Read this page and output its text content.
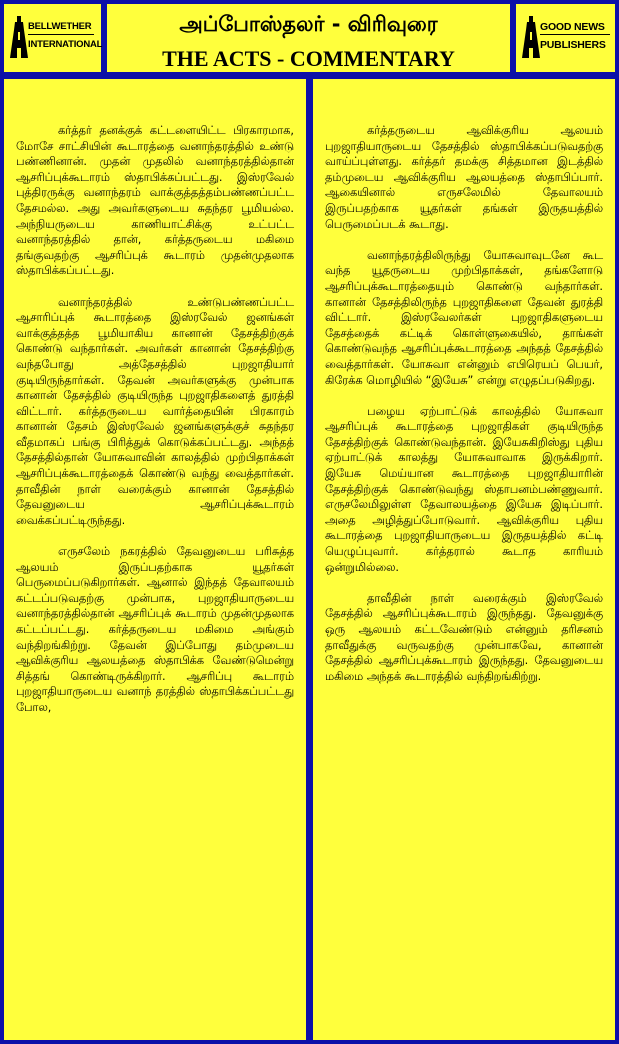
BELLWETHER
INTERNATIONAL
அப்போஸ்தலர் - விரிவுரை
THE ACTS - COMMENTARY
GOOD NEWS
PUBLISHERS

கர்த்தர் தனக்குக் கட்டளையிட்ட பிரகாரமாக, மோசே சாட்சியின் கூடாரத்தை வனாந்தரத்தில் உண்டு பண்ணினான். முதன் முதலில் வனாந்தரத்தில்தான் ஆசரிப்புக்கூடாரம் ஸ்தாபிக்கப்பட்டது. இஸ்ரவேல் புத்திரருக்கு வனாந்தரம் வாக்குத்தத்தம்பண்ணப்பட்ட தேசமல்ல. அது அவர்களுடைய சுதந்தர பூமியல்ல. அந்நியருடைய காணியாட்சிக்கு உட்பட்ட வனாந்தரத்தில் தான், கர்த்தருடைய மகிமை தங்குவதற்கு ஆசரிப்புக் கூடாரம் முதன்முதலாக ஸ்தாபிக்கப்பட்டது.

வனாந்தரத்தில் உண்டுபண்ணப்பட்ட ஆசாரிப்புக் கூடாரத்தை இஸ்ரவேல் ஜனங்கள் வாக்குத்தத்த பூமியாகிய கானான் தேசத்திற்குக் கொண்டு வந்தார்கள். அவர்கள் கானான் தேசத்திற்கு வந்தபோது அத்தேசத்தில் புறஜாதியார் குடியிருந்தார்கள். தேவன் அவர்களுக்கு முன்பாக கானான் தேசத்தில் குடியிருந்த புறஜாதிகளைத் துரத்தி விட்டார். கர்த்தருடைய வார்த்தையின் பிரகாரம் கானான் தேசம் இஸ்ரவேல் ஜனங்களுக்குச் சுதந்தர வீதமாகப் பங்கு பிரித்துக் கொடுக்கப்பட்டது. அந்தத் தேசத்தில்தான் யோசுவாவின் காலத்தில் முற்பிதாக்கள் ஆசரிப்புக்கூடாரத்தைக் கொண்டு வந்து வைத்தார்கள். தாவீதின் நாள் வரைக்கும் கானான் தேசத்தில் தேவனுடைய ஆசரிப்புக்கூடாரம் வைக்கப்பட்டிருந்தது.

எருசலேம் நகரத்தில் தேவனுடைய பரிசுத்த ஆலயம் இருப்பதற்காக யூதர்கள் பெருமைப்படுகிறார்கள். ஆனால் இந்தத் தேவாலயம் கட்டப்படுவதற்கு முன்பாக, புறஜாதியாருடைய வனாந்தரத்தில்தான் ஆசரிப்புக் கூடாரம் முதன்முதலாக கட்டப்பட்டது. கர்த்தருடைய மகிமை அங்கும் வந்திறங்கிற்று. தேவன் இப்போது தம்முடைய ஆவிக்குரிய ஆலயத்தை ஸ்தாபிக்க வேண்டுமென்று சித்தங் கொண்டிருக்கிறார். ஆசரிப்பு கூடாரம் புறஜாதியாருடைய வனாந் தரத்தில் ஸ்தாபிக்கப்பட்டது போல,

கர்த்தருடைய ஆவிக்குரிய ஆலயம் புறஜாதியாருடைய தேசத்தில் ஸ்தாபிக்கப்படுவதற்கு வாய்ப்புள்ளது. கர்த்தர் தமக்கு சித்தமான இடத்தில் தம்முடைய ஆவிக்குரிய ஆலயத்தை ஸ்தாபிப்பார். ஆகையினால் எருசலேமில் தேவாலயம் இருப்பதற்காக யூதர்கள் தங்கள் இருதயத்தில் பெருமைப்படக் கூடாது.

வனாந்தரத்திலிருந்து யோசுவாவுடனே கூட வந்த யூதருடைய முற்பிதாக்கள், தங்களோடு ஆசரிப்புக்கூடாரத்தையும் கொண்டு வந்தார்கள். கானான் தேசத்திலிருந்த புறஜாதிகளை தேவன் துரத்தி விட்டார். இஸ்ரவேலர்கள் புறஜாதிகளுடைய தேசத்தைக் கட்டிக் கொள்ளுகையில், தாங்கள் கொண்டுவந்த ஆசரிப்புக்கூடாரத்தை அந்தத் தேசத்தில் வைத்தார்கள். யோசுவா என்னும் எபிரெயப் பெயர், கிரேக்க மொழியில் “இயேசு” என்று எழுதப்படுகிறது.

பழைய ஏற்பாட்டுக் காலத்தில் யோசுவா ஆசரிப்புக் கூடாரத்தை புறஜாதிகள் குடியிருந்த தேசத்திற்குக் கொண்டுவந்தான். இயேசுகிறிஸ்து புதிய ஏற்பாட்டுக் காலத்து யோசுவாவாக இருக்கிறார். இயேசு மெய்யான கூடாரத்தை புறஜாதியாரின் தேசத்திற்குக் கொண்டுவந்து ஸ்தாபனம்பண்ணுவார். எருசலேமிலுள்ள தேவாலயத்தை இயேசு இடிப்பார். அதை அழித்துப்போடுவார். ஆவிக்குரிய புதிய கூடாரத்தை புறஜாதியாருடைய இருதயத்தில் கட்டி யெழுப்புவார். கர்த்தரால் கூடாத காரியம் ஒன்றுமில்லை.

தாவீதின் நாள் வரைக்கும் இஸ்ரவேல் தேசத்தில் ஆசரிப்புக்கூடாரம் இருந்தது. தேவனுக்கு ஒரு ஆலயம் கட்டவேண்டும் என்னும் தரிசனம் தாவீதுக்கு வருவதற்கு முன்பாகவே, கானான் தேசத்தில் ஆசரிப்புக்கூடாரம் இருந்தது. தேவனுடைய மகிமை அந்தக் கூடாரத்தில் வந்திறங்கிற்று.
